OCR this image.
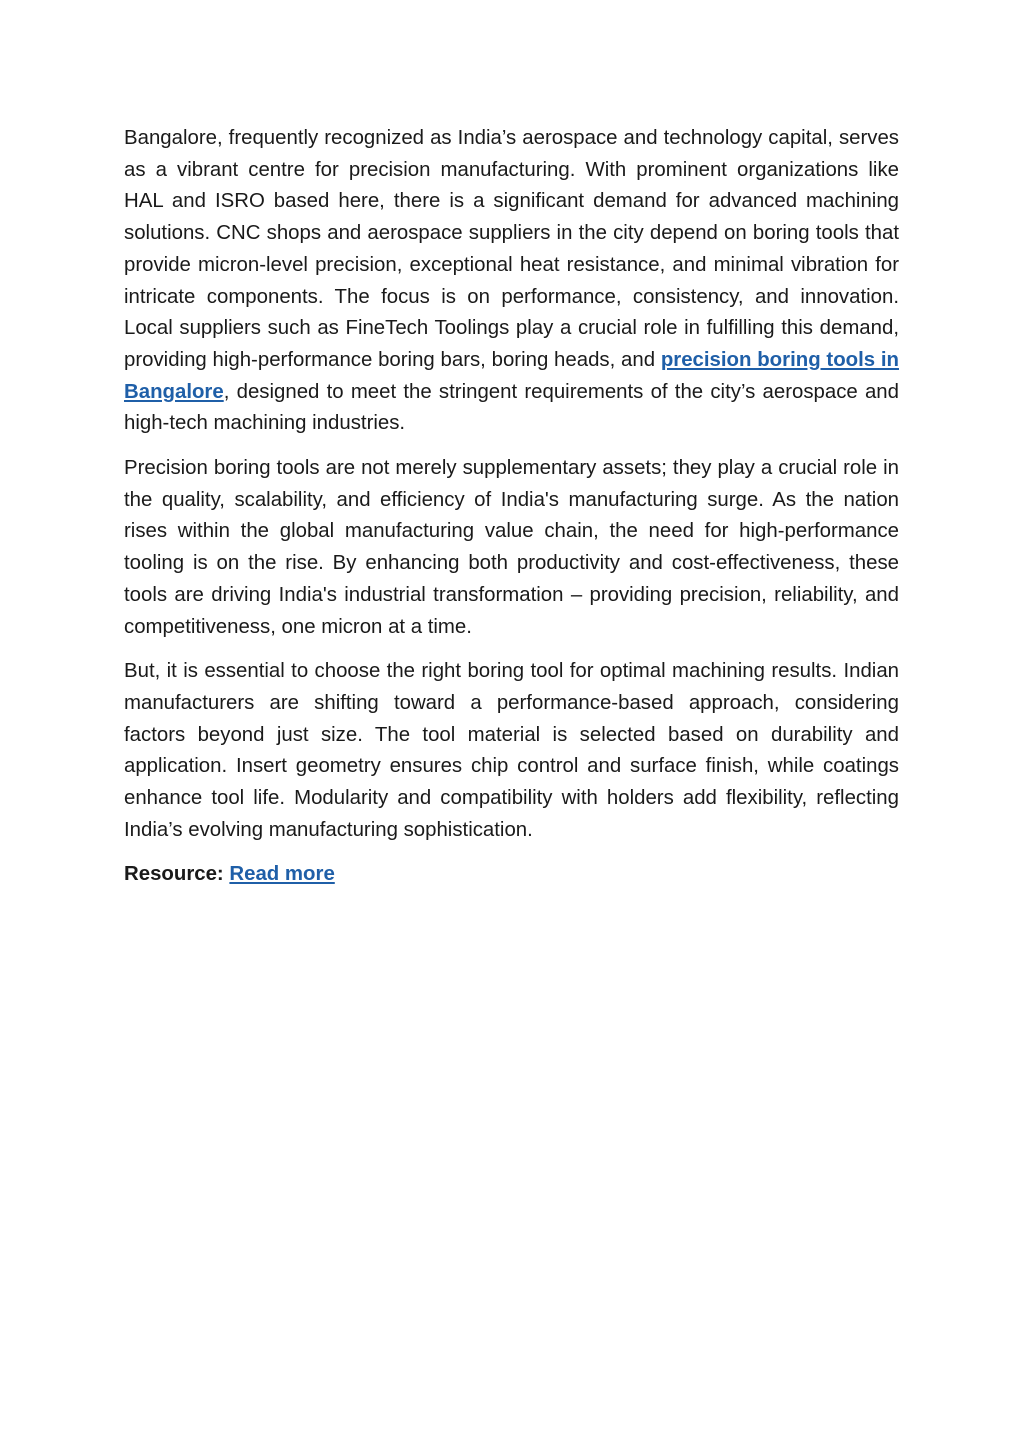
Bangalore, frequently recognized as India’s aerospace and technology capital, serves as a vibrant centre for precision manufacturing. With prominent organizations like HAL and ISRO based here, there is a significant demand for advanced machining solutions. CNC shops and aerospace suppliers in the city depend on boring tools that provide micron-level precision, exceptional heat resistance, and minimal vibration for intricate components. The focus is on performance, consistency, and innovation. Local suppliers such as FineTech Toolings play a crucial role in fulfilling this demand, providing high-performance boring bars, boring heads, and precision boring tools in Bangalore, designed to meet the stringent requirements of the city’s aerospace and high-tech machining industries.

Precision boring tools are not merely supplementary assets; they play a crucial role in the quality, scalability, and efficiency of India's manufacturing surge. As the nation rises within the global manufacturing value chain, the need for high-performance tooling is on the rise. By enhancing both productivity and cost-effectiveness, these tools are driving India's industrial transformation – providing precision, reliability, and competitiveness, one micron at a time.

But, it is essential to choose the right boring tool for optimal machining results. Indian manufacturers are shifting toward a performance-based approach, considering factors beyond just size. The tool material is selected based on durability and application. Insert geometry ensures chip control and surface finish, while coatings enhance tool life. Modularity and compatibility with holders add flexibility, reflecting India’s evolving manufacturing sophistication.

Resource: Read more
